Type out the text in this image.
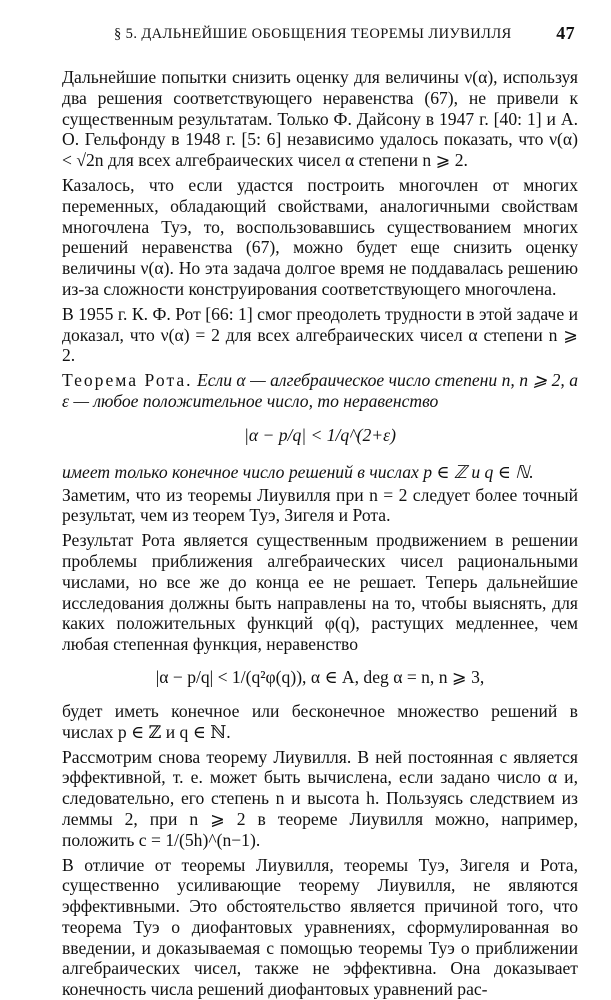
§ 5. ДАЛЬНЕЙШИЕ ОБОБЩЕНИЯ ТЕОРЕМЫ ЛИУВИЛЛЯ 47

Дальнейшие попытки снизить оценку для величины ν(α), используя два решения соответствующего неравенства (67), не привели к существенным результатам. Только Ф. Дайсону в 1947 г. [40: 1] и А. О. Гельфонду в 1948 г. [5: 6] независимо удалось показать, что ν(α) < √2n для всех алгебраических чисел α степени n ⩾ 2.

Казалось, что если удастся построить многочлен от многих переменных, обладающий свойствами, аналогичными свойствам многочлена Туэ, то, воспользовавшись существованием многих решений неравенства (67), можно будет еще снизить оценку величины ν(α). Но эта задача долгое время не поддавалась решению из-за сложности конструирования соответствующего многочлена.

В 1955 г. К. Ф. Рот [66: 1] смог преодолеть трудности в этой задаче и доказал, что ν(α) = 2 для всех алгебраических чисел α степени n ⩾ 2.

Теорема Рота. Если α — алгебраическое число степени n, n ⩾ 2, а ε — любое положительное число, то неравенство

|α − p/q| < 1/q^(2+ε)

имеет только конечное число решений в числах p ∈ ℤ и q ∈ ℕ.

Заметим, что из теоремы Лиувилля при n = 2 следует более точный результат, чем из теорем Туэ, Зигеля и Рота.

Результат Рота является существенным продвижением в решении проблемы приближения алгебраических чисел рациональными числами, но все же до конца ее не решает. Теперь дальнейшие исследования должны быть направлены на то, чтобы выяснять, для каких положительных функций φ(q), растущих медленнее, чем любая степенная функция, неравенство

|α − p/q| < 1/(q²φ(q)), α ∈ A, deg α = n, n ⩾ 3,

будет иметь конечное или бесконечное множество решений в числах p ∈ ℤ и q ∈ ℕ.

Рассмотрим снова теорему Лиувилля. В ней постоянная c является эффективной, т. е. может быть вычислена, если задано число α и, следовательно, его степень n и высота h. Пользуясь следствием из леммы 2, при n ⩾ 2 в теореме Лиувилля можно, например, положить c = 1/(5h)^(n−1).

В отличие от теоремы Лиувилля, теоремы Туэ, Зигеля и Рота, существенно усиливающие теорему Лиувилля, не являются эффективными. Это обстоятельство является причиной того, что теорема Туэ о диофантовых уравнениях, сформулированная во введении, и доказываемая с помощью теоремы Туэ о приближении алгебраических чисел, также не эффективна. Она доказывает конечность числа решений диофантовых уравнений рас-
